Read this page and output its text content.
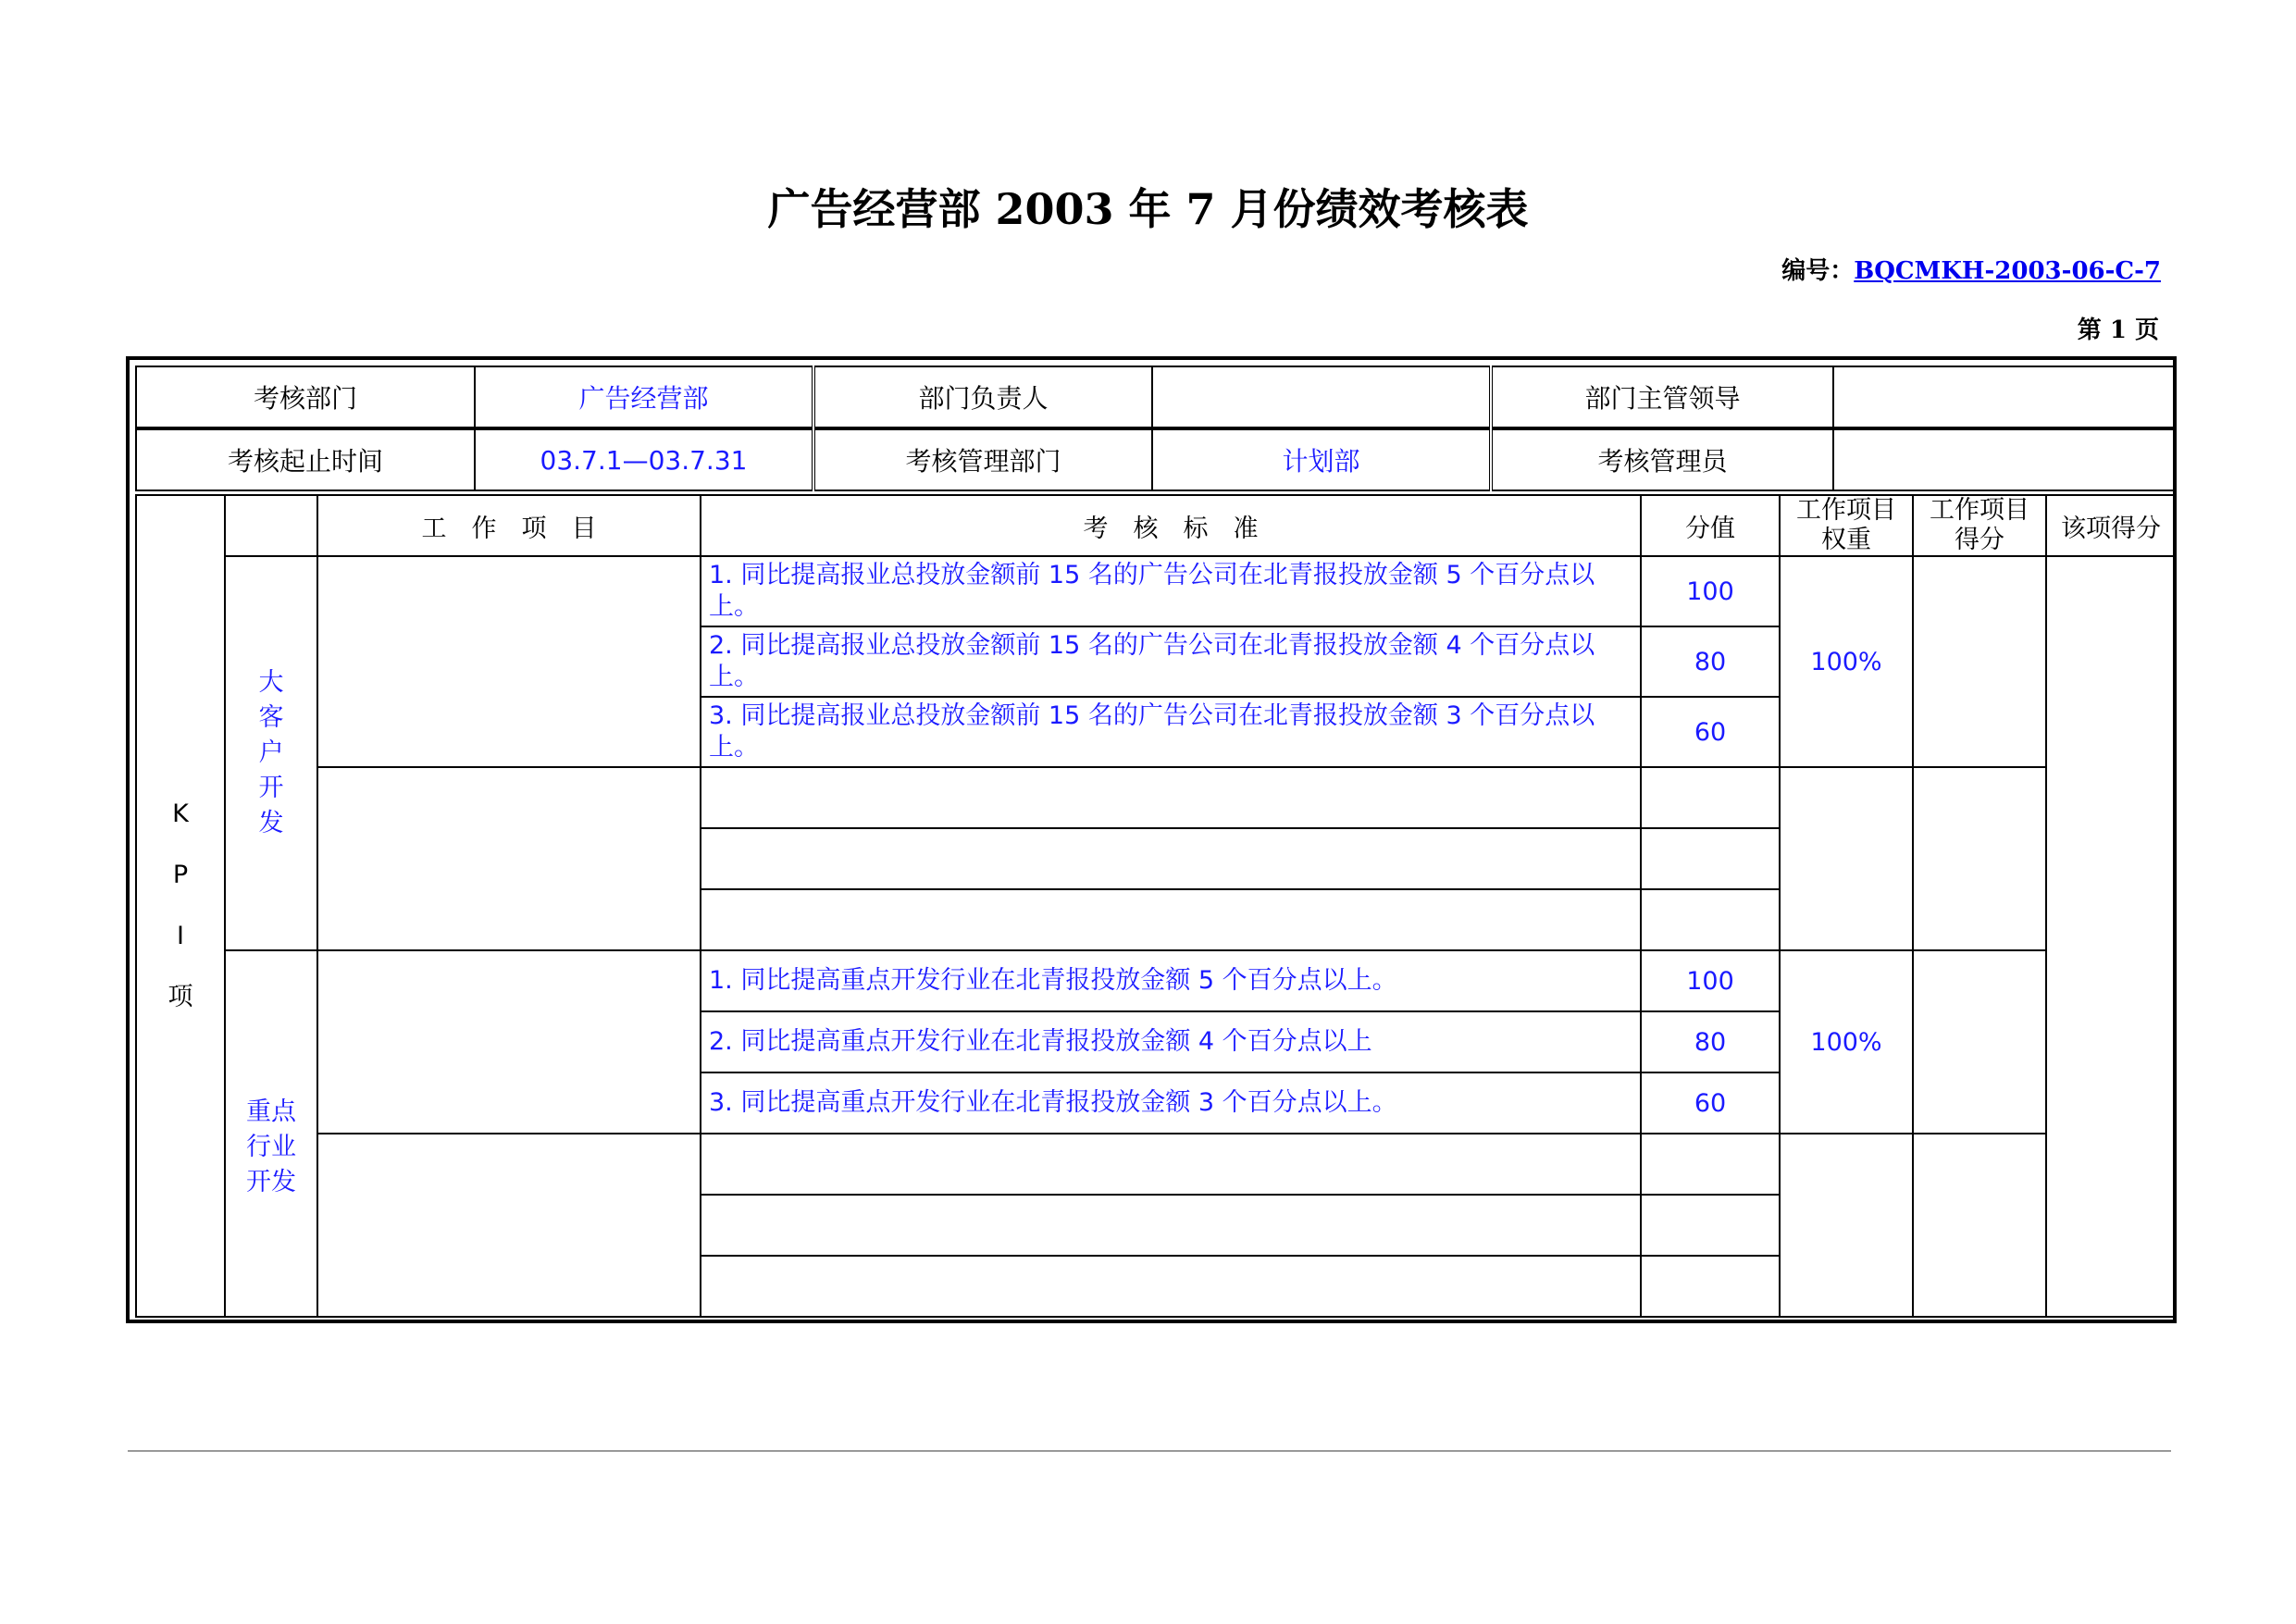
广告经营部 2003 年 7 月份绩效考核表
编号：BQCMKH-2003-06-C-7
第 1 页
考核部门	广告经营部	部门负责人		部门主管领导	
考核起止时间	03.7.1—03.7.31	考核管理部门	计划部	考核管理员	
K
P
I
项		工　作　项　目	考　核　标　准	分值	工作项目权重	工作项目得分	该项得分

	大客户开发		1. 同比提高报业总投放金额前 15 名的广告公司在北青报投放金额 5 个百分点以上。	100	100%		
			2. 同比提高报业总投放金额前 15 名的广告公司在北青报投放金额 4 个百分点以上。	80			
			3. 同比提高报业总投放金额前 15 名的广告公司在北青报投放金额 3 个百分点以上。	60			

	重点行业开发		1. 同比提高重点开发行业在北青报投放金额 5 个百分点以上。	100	100%		
			2. 同比提高重点开发行业在北青报投放金额 4 个百分点以上	80			
			3. 同比提高重点开发行业在北青报投放金额 3 个百分点以上。	60			
